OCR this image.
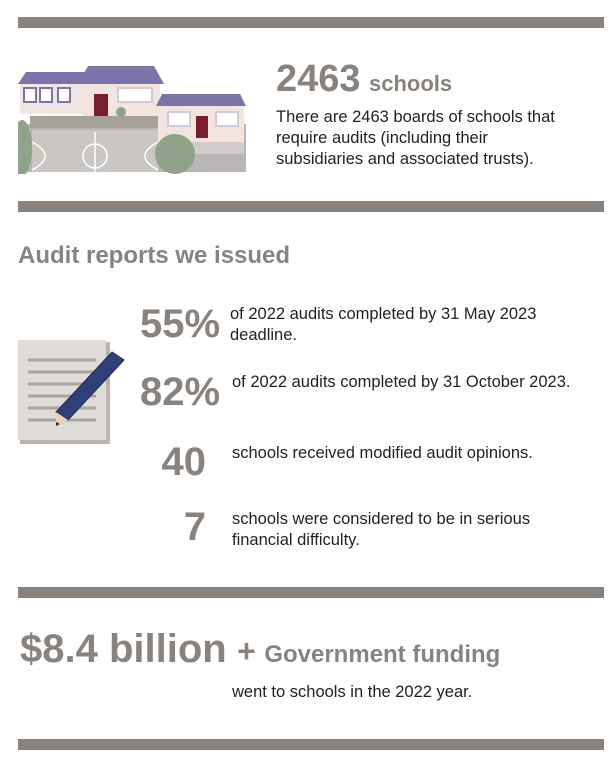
2463 schools
There are 2463 boards of schools that require audits (including their subsidiaries and associated trusts).
Audit reports we issued
55% of 2022 audits completed by 31 May 2023 deadline.
82% of 2022 audits completed by 31 October 2023.
40 schools received modified audit opinions.
7 schools were considered to be in serious financial difficulty.
$8.4 billion + Government funding
went to schools in the 2022 year.
